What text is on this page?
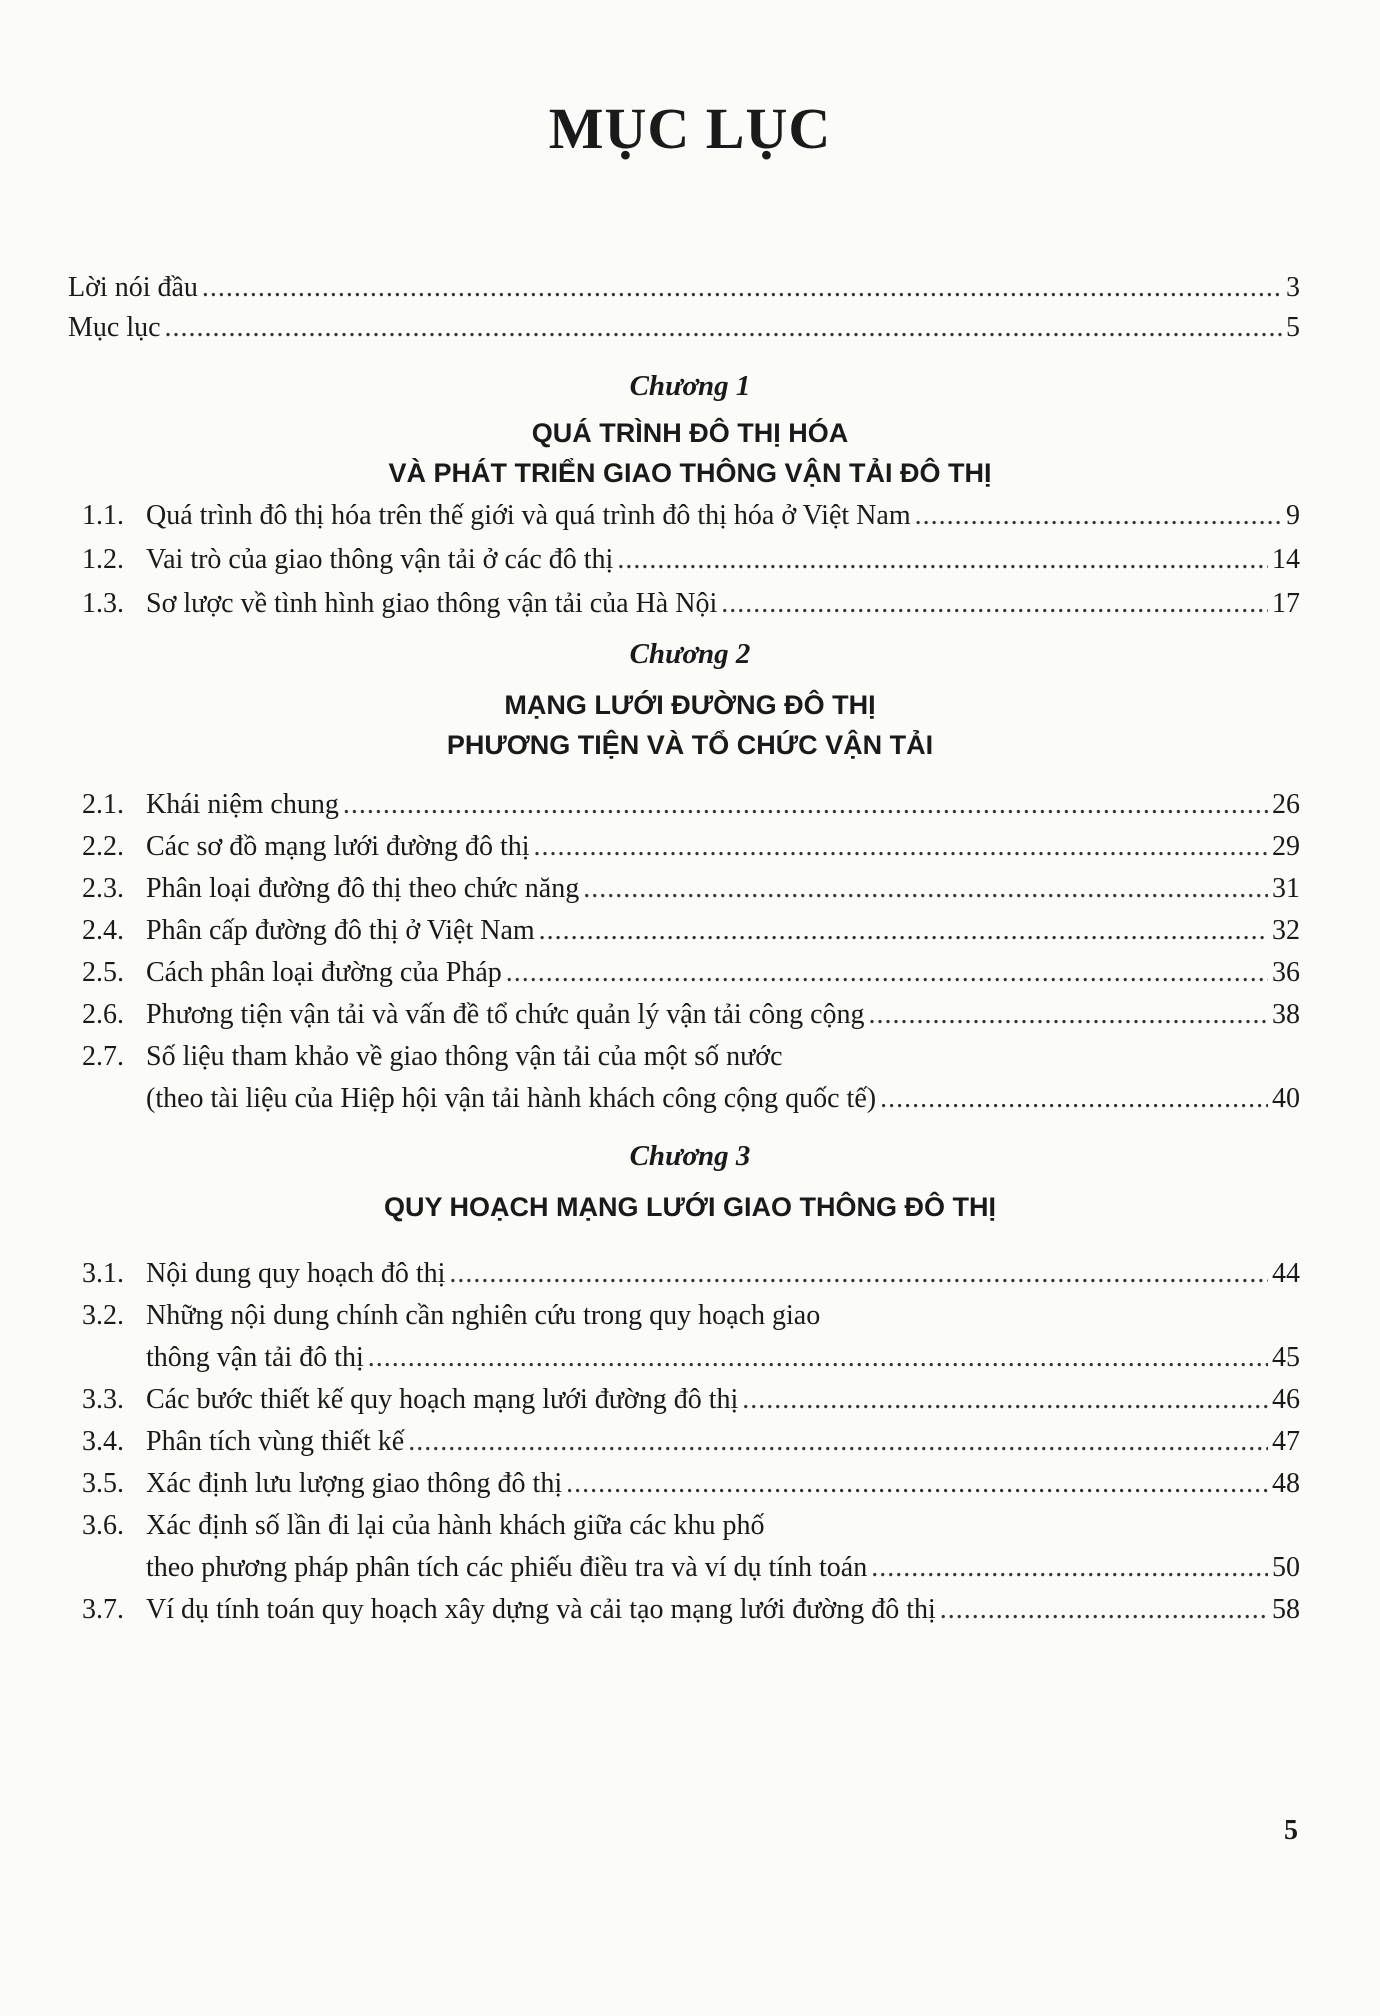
MỤC LỤC
Lời nói đầu .....	3
Mục lục .....	5
Chương 1
QUÁ TRÌNH ĐÔ THỊ HÓA
VÀ PHÁT TRIỂN GIAO THÔNG VẬN TẢI ĐÔ THỊ
1.1. Quá trình đô thị hóa trên thế giới và quá trình đô thị hóa ở Việt Nam .....	9
1.2. Vai trò của giao thông vận tải ở các đô thị .....	14
1.3. Sơ lược về tình hình giao thông vận tải của Hà Nội .....	17
Chương 2
MẠNG LƯỚI ĐƯỜNG ĐÔ THỊ
PHƯƠNG TIỆN VÀ TỔ CHỨC VẬN TẢI
2.1. Khái niệm chung .....	26
2.2. Các sơ đồ mạng lưới đường đô thị .....	29
2.3. Phân loại đường đô thị theo chức năng .....	31
2.4. Phân cấp đường đô thị ở Việt Nam .....	32
2.5. Cách phân loại đường của Pháp .....	36
2.6. Phương tiện vận tải và vấn đề tổ chức quản lý vận tải công cộng .....	38
2.7. Số liệu tham khảo về giao thông vận tải của một số nước
(theo tài liệu của Hiệp hội vận tải hành khách công cộng quốc tế) .....	40
Chương 3
QUY HOẠCH MẠNG LƯỚI GIAO THÔNG ĐÔ THỊ
3.1. Nội dung quy hoạch đô thị .....	44
3.2. Những nội dung chính cần nghiên cứu trong quy hoạch giao
thông vận tải đô thị .....	45
3.3. Các bước thiết kế quy hoạch mạng lưới đường đô thị .....	46
3.4. Phân tích vùng thiết kế .....	47
3.5. Xác định lưu lượng giao thông đô thị .....	48
3.6. Xác định số lần đi lại của hành khách giữa các khu phố
theo phương pháp phân tích các phiếu điều tra và ví dụ tính toán .....	50
3.7. Ví dụ tính toán quy hoạch xây dựng và cải tạo mạng lưới đường đô thị .....	58
5
